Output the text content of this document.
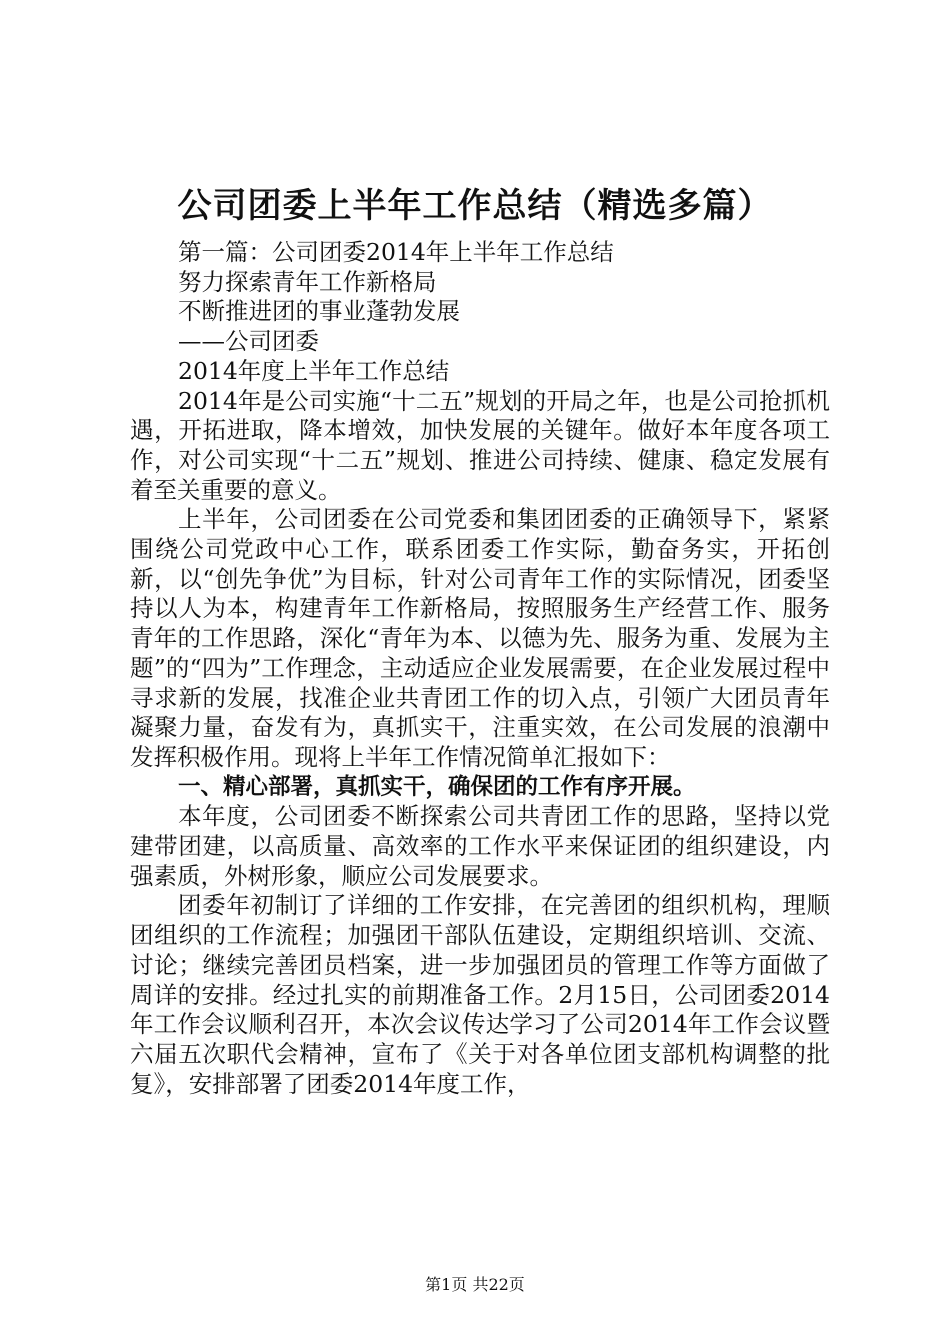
公司团委上半年工作总结（精选多篇）

第一篇：公司团委2014年上半年工作总结

努力探索青年工作新格局

不断推进团的事业蓬勃发展

——公司团委

2014年度上半年工作总结

2014年是公司实施“十二五”规划的开局之年，也是公司抢抓机遇，开拓进取，降本增效，加快发展的关键年。做好本年度各项工作，对公司实现“十二五”规划、推进公司持续、健康、稳定发展有着至关重要的意义。

上半年，公司团委在公司党委和集团团委的正确领导下，紧紧围绕公司党政中心工作，联系团委工作实际，勤奋务实，开拓创新，以“创先争优”为目标，针对公司青年工作的实际情况，团委坚持以人为本，构建青年工作新格局，按照服务生产经营工作、服务青年的工作思路，深化“青年为本、以德为先、服务为重、发展为主题”的“四为”工作理念，主动适应企业发展需要，在企业发展过程中寻求新的发展，找准企业共青团工作的切入点，引领广大团员青年凝聚力量，奋发有为，真抓实干，注重实效，在公司发展的浪潮中发挥积极作用。现将上半年工作情况简单汇报如下：

一、精心部署，真抓实干，确保团的工作有序开展。

本年度，公司团委不断探索公司共青团工作的思路，坚持以党建带团建，以高质量、高效率的工作水平来保证团的组织建设，内强素质，外树形象，顺应公司发展要求。

团委年初制订了详细的工作安排，在完善团的组织机构，理顺团组织的工作流程；加强团干部队伍建设，定期组织培训、交流、讨论；继续完善团员档案，进一步加强团员的管理工作等方面做了周详的安排。经过扎实的前期准备工作。2月15日，公司团委2014年工作会议顺利召开，本次会议传达学习了公司2014年工作会议暨六届五次职代会精神，宣布了《关于对各单位团支部机构调整的批复》，安排部署了团委2014年度工作，

第1页 共22页
